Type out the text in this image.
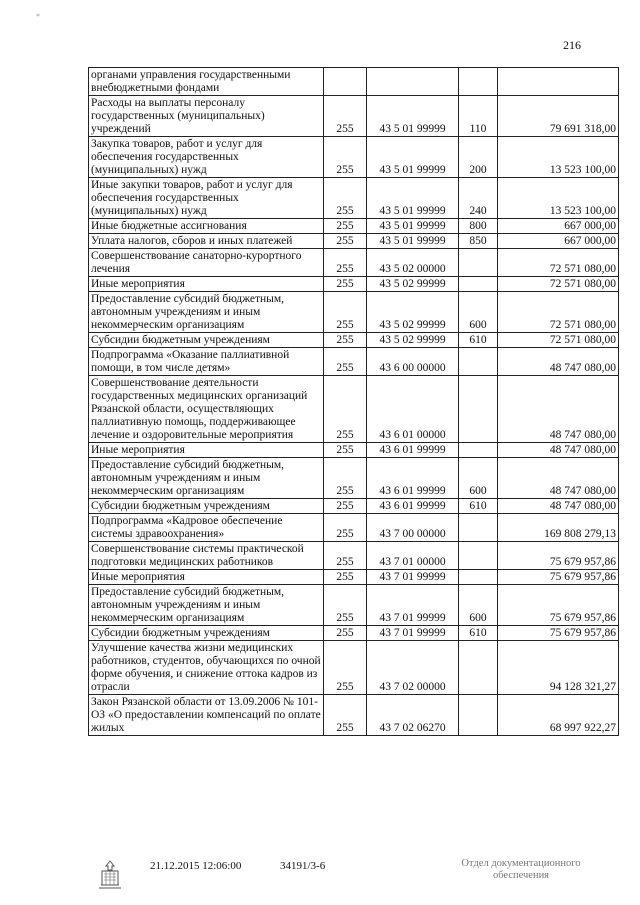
*
216
органами управления государственными внебюджетными фондами				
Расходы на выплаты персоналу государственных (муниципальных) учреждений	255	43 5 01 99999	110	79 691 318,00
Закупка товаров, работ и услуг для обеспечения государственных (муниципальных) нужд	255	43 5 01 99999	200	13 523 100,00
Иные закупки товаров, работ и услуг для обеспечения государственных (муниципальных) нужд	255	43 5 01 99999	240	13 523 100,00
Иные бюджетные ассигнования	255	43 5 01 99999	800	667 000,00
Уплата налогов, сборов и иных платежей	255	43 5 01 99999	850	667 000,00
Совершенствование санаторно-курортного лечения	255	43 5 02 00000		72 571 080,00
Иные мероприятия	255	43 5 02 99999		72 571 080,00
Предоставление субсидий бюджетным, автономным учреждениям и иным некоммерческим организациям	255	43 5 02 99999	600	72 571 080,00
Субсидии бюджетным учреждениям	255	43 5 02 99999	610	72 571 080,00
Подпрограмма «Оказание паллиативной помощи, в том числе детям»	255	43 6 00 00000		48 747 080,00
Совершенствование деятельности государственных медицинских организаций Рязанской области, осуществляющих паллиативную помощь, поддерживающее лечение и оздоровительные мероприятия	255	43 6 01 00000		48 747 080,00
Иные мероприятия	255	43 6 01 99999		48 747 080,00
Предоставление субсидий бюджетным, автономным учреждениям и иным некоммерческим организациям	255	43 6 01 99999	600	48 747 080,00
Субсидии бюджетным учреждениям	255	43 6 01 99999	610	48 747 080,00
Подпрограмма «Кадровое обеспечение системы здравоохранения»	255	43 7 00 00000		169 808 279,13
Совершенствование системы практической подготовки медицинских работников	255	43 7 01 00000		75 679 957,86
Иные мероприятия	255	43 7 01 99999		75 679 957,86
Предоставление субсидий бюджетным, автономным учреждениям и иным некоммерческим организациям	255	43 7 01 99999	600	75 679 957,86
Субсидии бюджетным учреждениям	255	43 7 01 99999	610	75 679 957,86
Улучшение качества жизни медицинских работников, студентов, обучающихся по очной форме обучения, и снижение оттока кадров из отрасли	255	43 7 02 00000		94 128 321,27
Закон Рязанской области от 13.09.2006 № 101-ОЗ «О предоставлении компенсаций по оплате жилых	255	43 7 02 06270		68 997 922,27
21.12.2015 12:06:00	34191/3-6	Отдел документационного обеспечения
